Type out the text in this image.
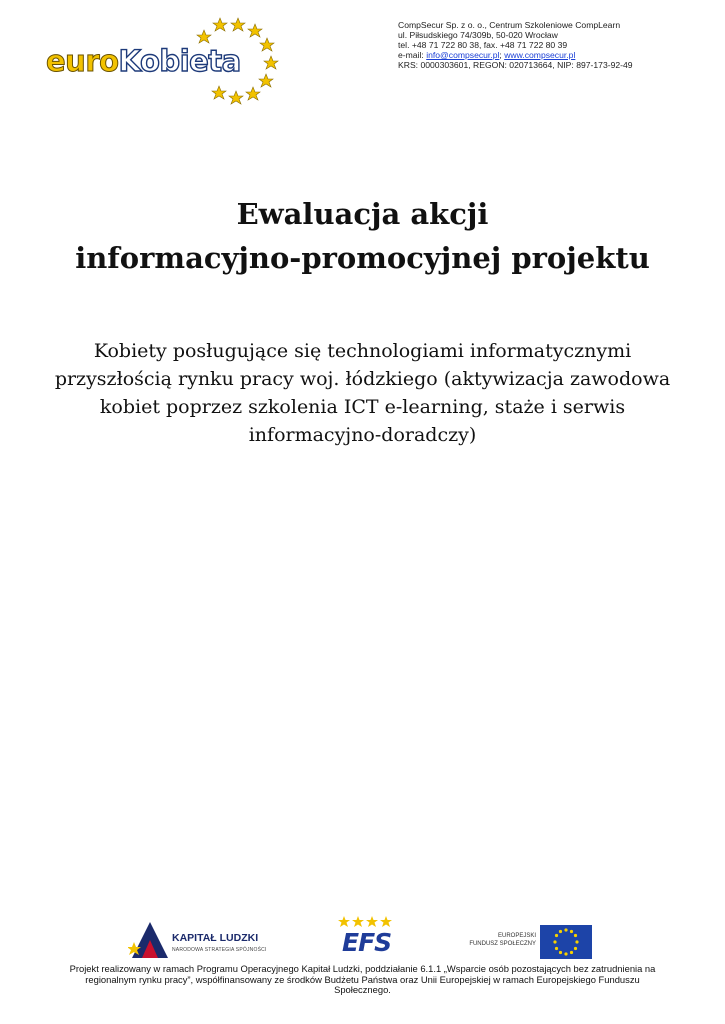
euroKobieta
CompSecur Sp. z o. o., Centrum Szkoleniowe CompLearn
ul. Piłsudskiego 74/309b, 50-020 Wrocław
tel. +48 71 722 80 38, fax. +48 71 722 80 39
e-mail: info@compsecur.pl; www.compsecur.pl
KRS: 0000303601, REGON: 020713664, NIP: 897-173-92-49
Ewaluacja akcji
informacyjno-promocyjnej projektu
Kobiety posługujące się technologiami informatycznymi
przyszłością rynku pracy woj. łódzkiego (aktywizacja zawodowa
kobiet poprzez szkolenia ICT e-learning, staże i serwis
informacyjno-doradczy)
KAPITAŁ LUDZKI
NARODOWA STRATEGIA SPÓJNOŚCI	EFS	EUROPEJSKI
FUNDUSZ SPOŁECZNY
Projekt realizowany w ramach Programu Operacyjnego Kapitał Ludzki, poddziałanie 6.1.1 „Wsparcie osób pozostających bez zatrudnienia na
regionalnym rynku pracy”, współfinansowany ze środków Budżetu Państwa oraz Unii Europejskiej w ramach Europejskiego Funduszu
Społecznego.
